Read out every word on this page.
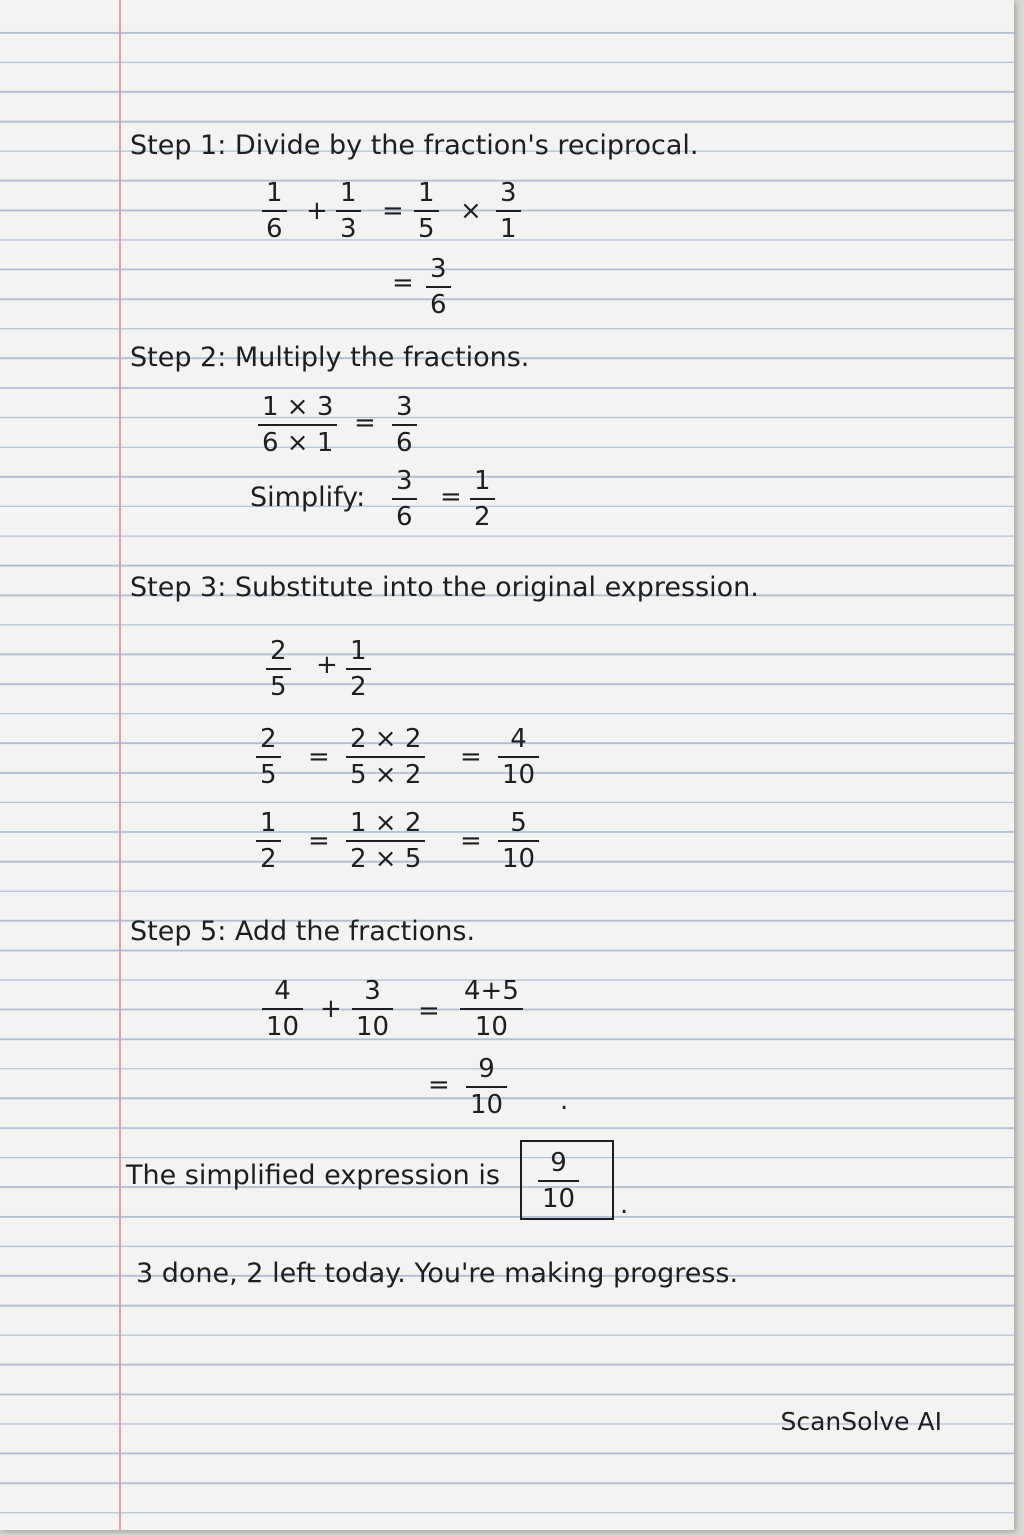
Step 1: Divide by the fraction's reciprocal.
1
6
+
1
3
=
1
5
×
3
1
= 3
6
Step 2: Multiply the fractions.
1 × 3
6 × 1
=
3
6
Simplify:
3
6
=
1
2
Step 3: Substitute into the original expression.
2
5
+ 1
2
2
5
=
2 × 2
5 × 2
=
4
10
1
2
=
1 × 2
2 × 5
=
5
10
Step 5: Add the fractions.
4
10
+
3
10
=
4+5
10
=
9
10 .
The simplified expression is 9
10 .
3 done, 2 left today. You're making progress.
ScanSolve AI
